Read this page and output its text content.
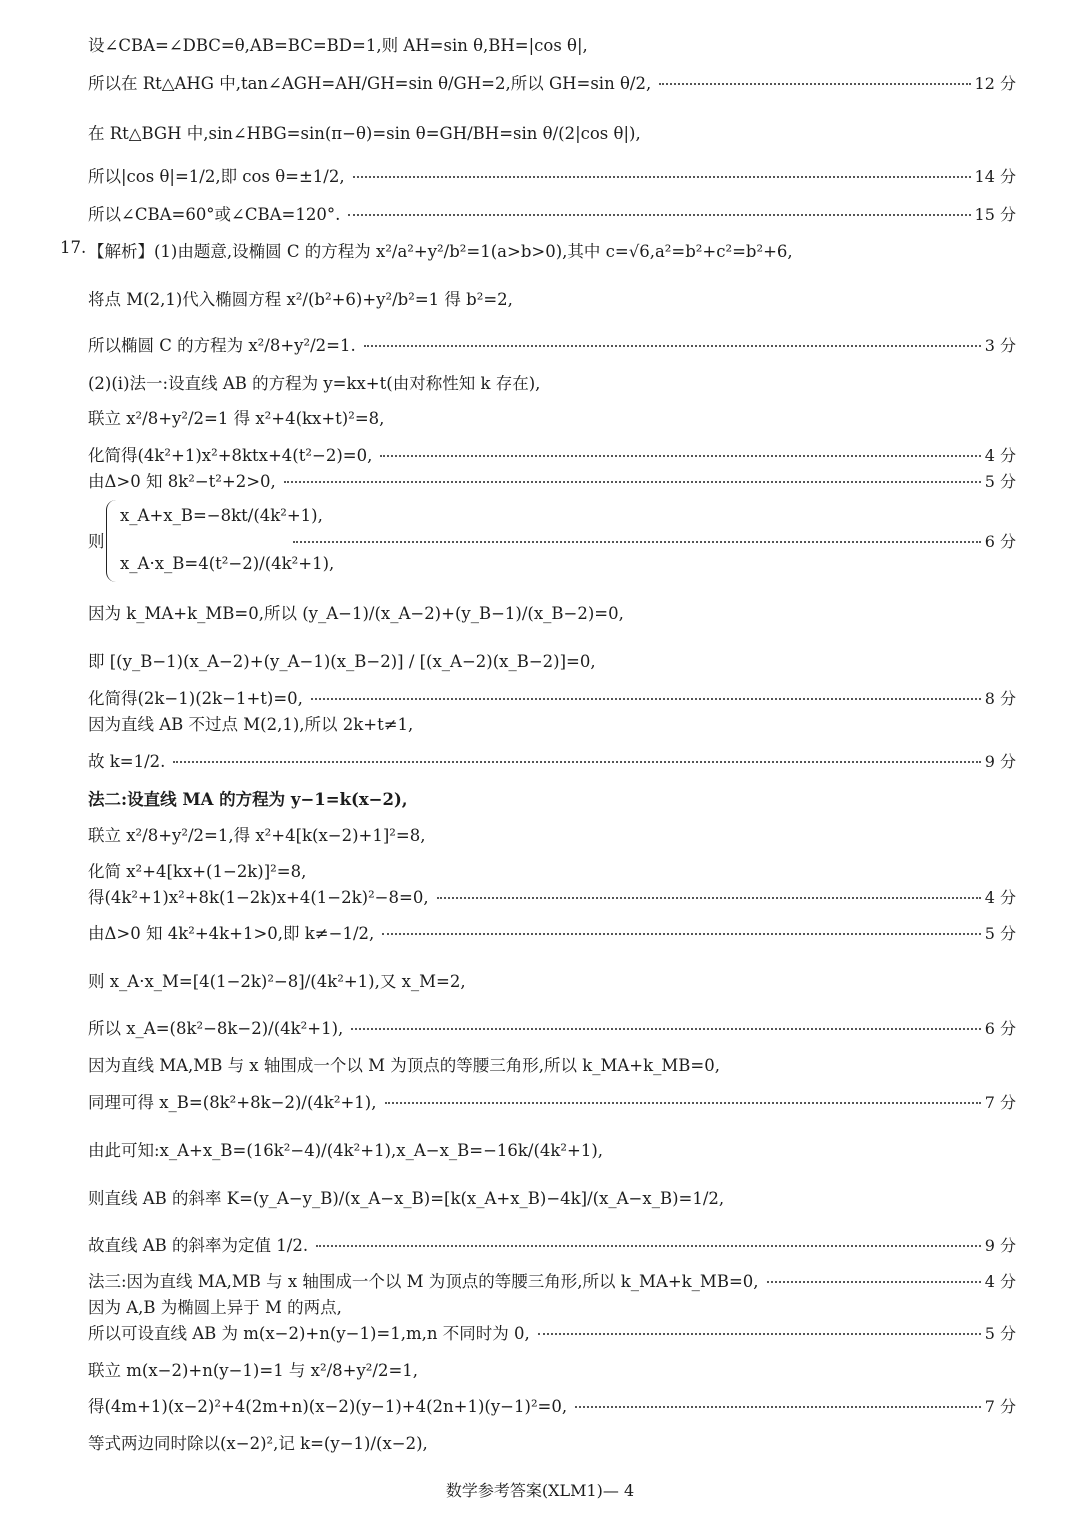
设∠CBA=∠DBC=θ,AB=BC=BD=1,则 AH=sin θ,BH=|cos θ|,
所以在 Rt△AHG 中,tan∠AGH=AH/GH=sin θ/GH=2,所以 GH=sin θ/2,	12 分
在 Rt△BGH 中,sin∠HBG=sin(π−θ)=sin θ=GH/BH=sin θ/(2|cos θ|),
所以|cos θ|=1/2,即 cos θ=±1/2,	14 分
所以∠CBA=60°或∠CBA=120°.	15 分
17. 【解析】(1)由题意,设椭圆 C 的方程为 x²/a²+y²/b²=1(a>b>0),其中 c=√6,a²=b²+c²=b²+6,
将点 M(2,1)代入椭圆方程 x²/(b²+6)+y²/b²=1 得 b²=2,
所以椭圆 C 的方程为 x²/8+y²/2=1.	3 分
(2)(ⅰ)法一:设直线 AB 的方程为 y=kx+t(由对称性知 k 存在),
联立 x²/8+y²/2=1 得 x²+4(kx+t)²=8,
化简得(4k²+1)x²+8ktx+4(t²−2)=0,	4 分
由Δ>0 知 8k²−t²+2>0,	5 分
则	6 分
x_A+x_B=−8kt/(4k²+1),
x_A·x_B=4(t²−2)/(4k²+1),
因为 k_MA+k_MB=0,所以 (y_A−1)/(x_A−2)+(y_B−1)/(x_B−2)=0,
即 [(y_B−1)(x_A−2)+(y_A−1)(x_B−2)] / [(x_A−2)(x_B−2)]=0,
化简得(2k−1)(2k−1+t)=0,	8 分
因为直线 AB 不过点 M(2,1),所以 2k+t≠1,
故 k=1/2.	9 分
法二:设直线 MA 的方程为 y−1=k(x−2),
联立 x²/8+y²/2=1,得 x²+4[k(x−2)+1]²=8,
化简 x²+4[kx+(1−2k)]²=8,
得(4k²+1)x²+8k(1−2k)x+4(1−2k)²−8=0,	4 分
由Δ>0 知 4k²+4k+1>0,即 k≠−1/2,	5 分
则 x_A·x_M=[4(1−2k)²−8]/(4k²+1),又 x_M=2,
所以 x_A=(8k²−8k−2)/(4k²+1),	6 分
因为直线 MA,MB 与 x 轴围成一个以 M 为顶点的等腰三角形,所以 k_MA+k_MB=0,
同理可得 x_B=(8k²+8k−2)/(4k²+1),	7 分
由此可知:x_A+x_B=(16k²−4)/(4k²+1),x_A−x_B=−16k/(4k²+1),
则直线 AB 的斜率 K=(y_A−y_B)/(x_A−x_B)=[k(x_A+x_B)−4k]/(x_A−x_B)=1/2,
故直线 AB 的斜率为定值 1/2.	9 分
法三:因为直线 MA,MB 与 x 轴围成一个以 M 为顶点的等腰三角形,所以 k_MA+k_MB=0,	4 分
因为 A,B 为椭圆上异于 M 的两点,
所以可设直线 AB 为 m(x−2)+n(y−1)=1,m,n 不同时为 0,	5 分
联立 m(x−2)+n(y−1)=1 与 x²/8+y²/2=1,
得(4m+1)(x−2)²+4(2m+n)(x−2)(y−1)+4(2n+1)(y−1)²=0,	7 分
等式两边同时除以(x−2)²,记 k=(y−1)/(x−2),
数学参考答案(XLM1)— 4
